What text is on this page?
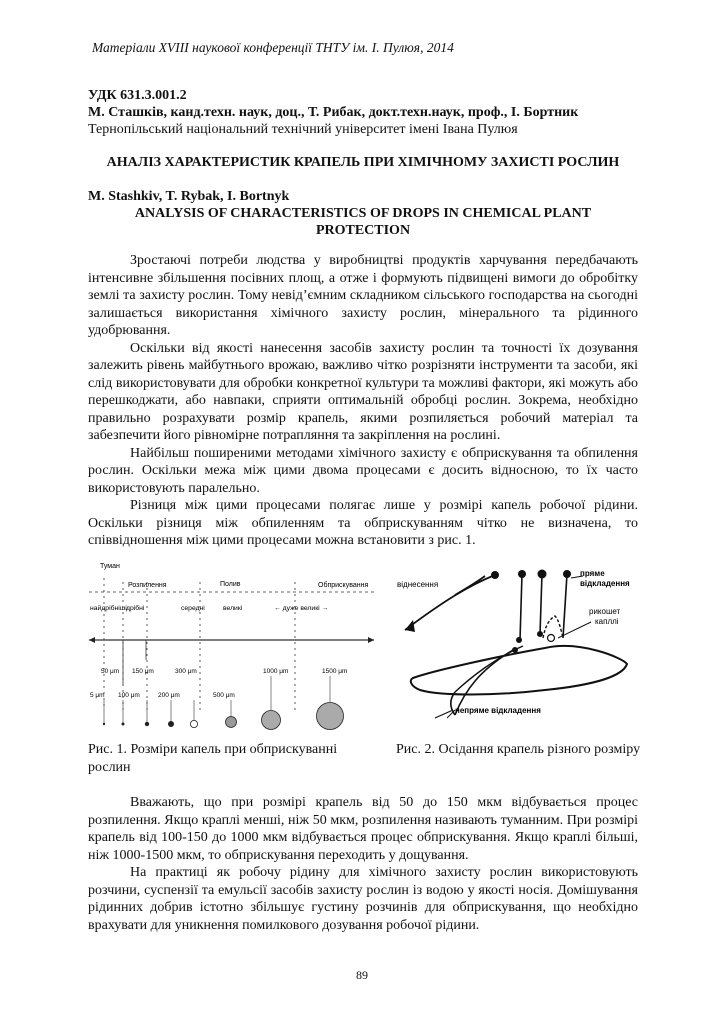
Матеріали XVIII наукової конференції ТНТУ ім. І. Пулюя, 2014
УДК 631.3.001.2
М. Сташків, канд.техн. наук, доц., Т. Рибак, докт.техн.наук, проф., І. Бортник
Тернопільський національний технічний університет імені Івана Пулюя
АНАЛІЗ ХАРАКТЕРИСТИК КРАПЕЛЬ ПРИ ХІМІЧНОМУ ЗАХИСТІ РОСЛИН
M. Stashkiv, T. Rybak, I. Bortnyk
ANALYSIS OF CHARACTERISTICS OF DROPS IN CHEMICAL PLANT PROTECTION

Зростаючі потреби людства у виробництві продуктів харчування передбачають інтенсивне збільшення посівних площ, а отже і формують підвищені вимоги до обробітку землі та захисту рослин. Тому невід’ємним складником сільського господарства на сьогодні залишається використання хімічного захисту рослин, мінерального та рідинного удобрювання.

Оскільки від якості нанесення засобів захисту рослин та точності їх дозування залежить рівень майбутнього врожаю, важливо чітко розрізняти інструменти та засоби, які слід використовувати для обробки конкретної культури та можливі фактори, які можуть або перешкоджати, або навпаки, сприяти оптимальній обробці рослин. Зокрема, необхідно правильно розрахувати розмір крапель, якими розпиляється робочий матеріал та забезпечити його рівномірне потрапляння та закріплення на рослині.

Найбільш поширеними методами хімічного захисту є обприскування та обпилення рослин. Оскільки межа між цими двома процесами є досить відносною, то їх часто використовують паралельно.

Різниця між цими процесами полягає лише у розмірі капель робочої рідини. Оскільки різниця між обпиленням та обприскуванням чітко не визначена, то співвідношення між цими процесами можна встановити з рис. 1.

Туман
Розпилення	Полив	Обприскування
найдрібніші дрібні	середні	великі	← дуже великі →
50 μm 150 μm	300 μm	1000 μm	1500 μm
5 μm 100 μm	200 μm	500 μm
віднесення
пряме
відкладення
рикошет
капллі
непряме відкладення
Рис. 1. Розміри капель при обприскуванні рослин
Рис. 2. Осідання крапель різного розміру

Вважають, що при розмірі крапель від 50 до 150 мкм відбувається процес розпилення. Якщо краплі менші, ніж 50 мкм, розпилення називають туманним. При розмірі крапель від 100-150 до 1000 мкм відбувається процес обприскування. Якщо краплі більші, ніж 1000-1500 мкм, то обприскування переходить у дощування.

На практиці як робочу рідину для хімічного захисту рослин використовують розчини, суспензії та емульсії засобів захисту рослин із водою у якості носія. Домішування рідинних добрив істотно збільшує густину розчинів для обприскування, що необхідно врахувати для уникнення помилкового дозування робочої рідини.

89
